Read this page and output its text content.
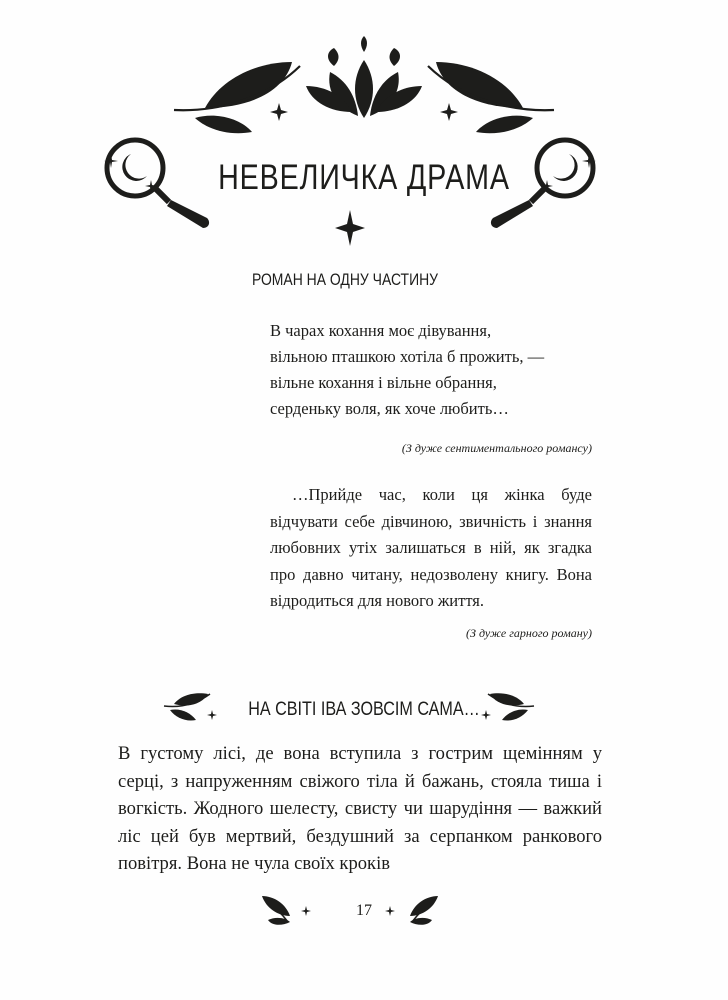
НЕВЕЛИЧКА ДРАМА
РОМАН НА ОДНУ ЧАСТИНУ

В чарах кохання моє дівування,

вільною пташкою хотіла б прожить, —

вільне кохання і вільне обрання,

серденьку воля, як хоче любить…

(З дуже сентиментального романсу)

…Прийде час, коли ця жінка буде відчувати себе дівчиною, звичність і знання любовних утіх залишаться в ній, як згадка про давно читану, недозволену книгу. Вона відродиться для нового життя.

(З дуже гарного роману)
НА СВІТІ ІВА ЗОВСІМ САМА…

В густому лісі, де вона вступила з гострим щемінням у серці, з напруженням свіжого тіла й бажань, стояла тиша і вогкість. Жодного шелесту, свисту чи шарудіння — важкий ліс цей був мертвий, бездушний за серпанком ранкового повітря. Вона не чула своїх кроків

17
